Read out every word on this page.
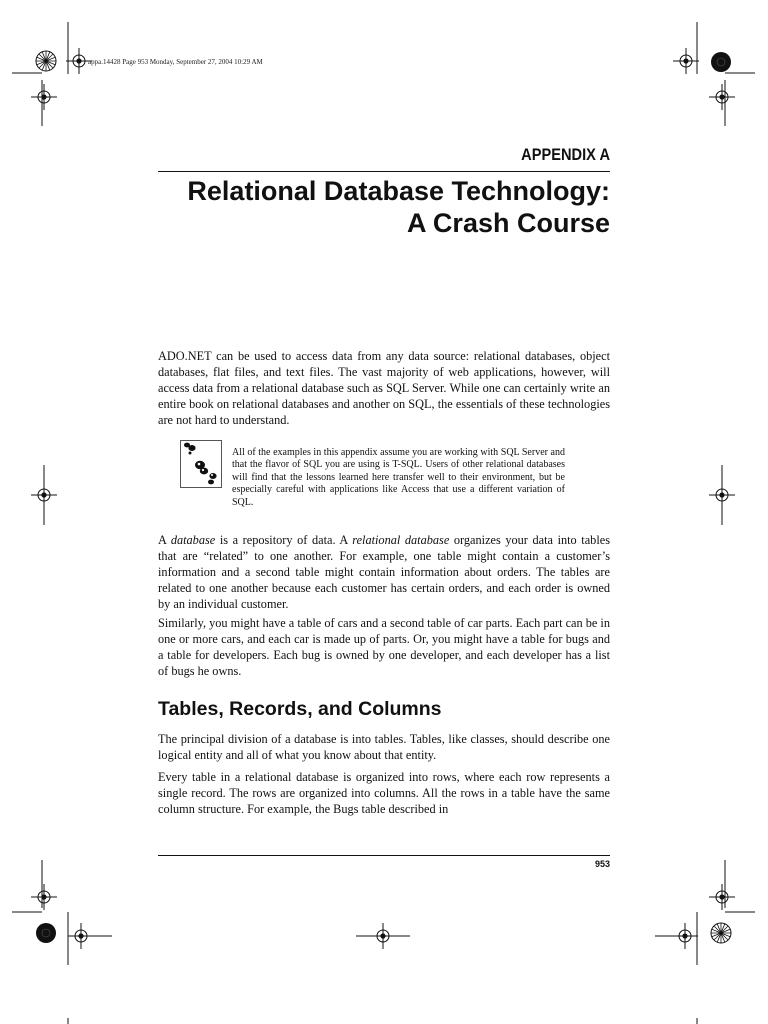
appa.14428 Page 953 Monday, September 27, 2004 10:29 AM
APPENDIX A
Relational Database Technology:
A Crash Course

ADO.NET can be used to access data from any data source: relational databases, object databases, flat files, and text files. The vast majority of web applications, however, will access data from a relational database such as SQL Server. While one can certainly write an entire book on relational databases and another on SQL, the essentials of these technologies are not hard to understand.

All of the examples in this appendix assume you are working with SQL Server and that the flavor of SQL you are using is T-SQL. Users of other relational databases will find that the lessons learned here transfer well to their environment, but be especially careful with applications like Access that use a different variation of SQL.

A database is a repository of data. A relational database organizes your data into tables that are “related” to one another. For example, one table might contain a customer’s information and a second table might contain information about orders. The tables are related to one another because each customer has certain orders, and each order is owned by an individual customer.

Similarly, you might have a table of cars and a second table of car parts. Each part can be in one or more cars, and each car is made up of parts. Or, you might have a table for bugs and a table for developers. Each bug is owned by one developer, and each developer has a list of bugs he owns.

Tables, Records, and Columns

The principal division of a database is into tables. Tables, like classes, should describe one logical entity and all of what you know about that entity.

Every table in a relational database is organized into rows, where each row represents a single record. The rows are organized into columns. All the rows in a table have the same column structure. For example, the Bugs table described in

953
